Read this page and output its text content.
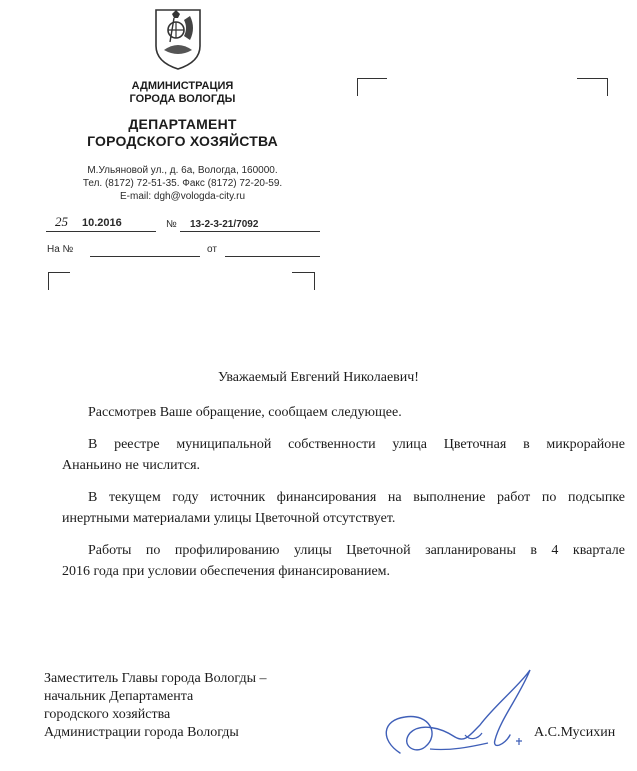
АДМИНИСТРАЦИЯ
ГОРОДА ВОЛОГДЫ
ДЕПАРТАМЕНТ
ГОРОДСКОГО ХОЗЯЙСТВА
М.Ульяновой ул., д. 6а, Вологда, 160000.
Тел. (8172) 72-51-35. Факс (8172) 72-20-59.
E-mail: dgh@vologda-city.ru
25 10.2016	№ 13-2-3-21/7092
На №	от
Уважаемый Евгений Николаевич!
Рассмотрев Ваше обращение, сообщаем следующее.
В реестре муниципальной собственности улица Цветочная в микрорайоне
Ананьино не числится.
В текущем году источник финансирования на выполнение работ по подсыпке
инертными материалами улицы Цветочной отсутствует.
Работы по профилированию улицы Цветочной запланированы в 4 квартале
2016 года при условии обеспечения финансированием.
Заместитель Главы города Вологды –
начальник Департамента
городского хозяйства
Администрации города Вологды	А.С.Мусихин
